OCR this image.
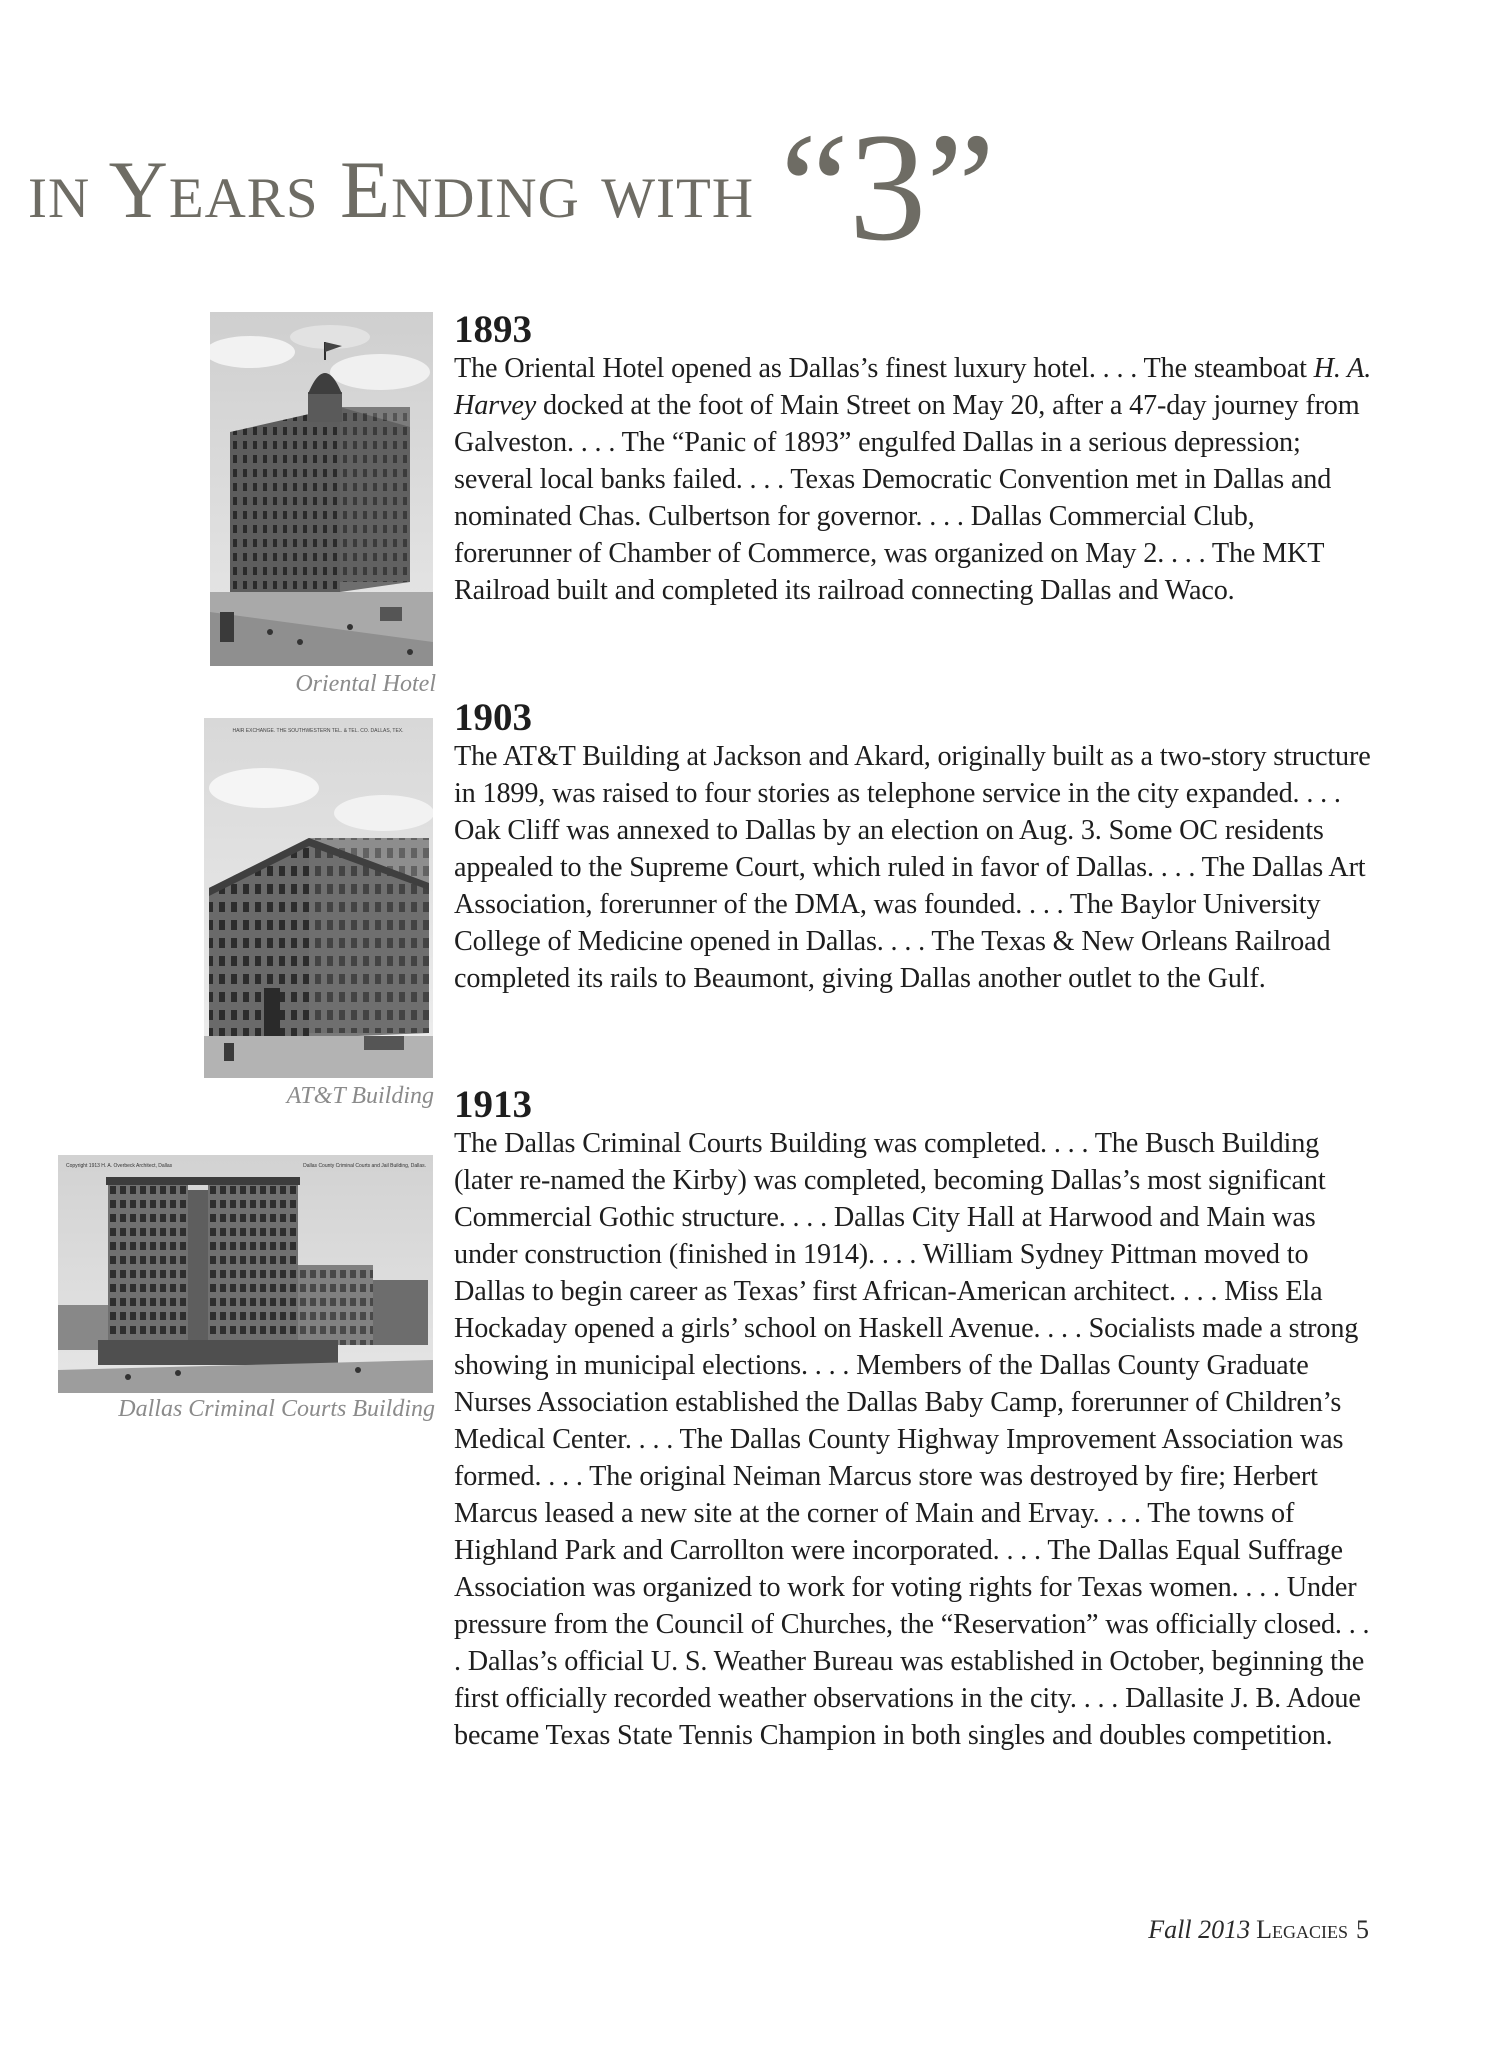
in Years Ending with “3”
Oriental Hotel
HAIR EXCHANGE. THE SOUTHWESTERN TEL. & TEL. CO. DALLAS, TEX.
AT&T Building
Copyright 1913 H. A. Overbeck Architect, Dallas	Dallas County Criminal Courts and Jail Building, Dallas.
Dallas Criminal Courts Building
1893

The Oriental Hotel opened as Dallas’s finest luxury hotel. . . . The steamboat H. A. Harvey docked at the foot of Main Street on May 20, after a 47-day journey from Galveston. . . . The “Panic of 1893” engulfed Dallas in a serious depression; several local banks failed. . . . Texas Democratic Convention met in Dallas and nominated Chas. Culbertson for governor. . . . Dallas Commercial Club, forerunner of Chamber of Commerce, was organized on May 2. . . . The MKT Railroad built and completed its railroad connecting Dallas and Waco.

1903

The AT&T Building at Jackson and Akard, originally built as a two-story structure in 1899, was raised to four stories as telephone service in the city expanded. . . . Oak Cliff was annexed to Dallas by an election on Aug. 3. Some OC residents appealed to the Supreme Court, which ruled in favor of Dallas. . . . The Dallas Art Association, forerunner of the DMA, was founded. . . . The Baylor University College of Medicine opened in Dallas. . . . The Texas & New Orleans Railroad completed its rails to Beaumont, giving Dallas another outlet to the Gulf.

1913

The Dallas Criminal Courts Building was completed. . . . The Busch Building (later re-named the Kirby) was completed, becoming Dallas’s most significant Commercial Gothic structure. . . . Dallas City Hall at Harwood and Main was under construction (finished in 1914). . . . William Sydney Pittman moved to Dallas to begin career as Texas’ first African-American architect. . . . Miss Ela Hockaday opened a girls’ school on Haskell Avenue. . . . Socialists made a strong showing in municipal elections. . . . Members of the Dallas County Graduate Nurses Association established the Dallas Baby Camp, forerunner of Children’s Medical Center. . . . The Dallas County Highway Improvement Association was formed. . . . The original Neiman Marcus store was destroyed by fire; Herbert Marcus leased a new site at the corner of Main and Ervay. . . . The towns of Highland Park and Carrollton were incorporated. . . . The Dallas Equal Suffrage Association was organized to work for voting rights for Texas women. . . . Under pressure from the Council of Churches, the “Reservation” was officially closed. . . . Dallas’s official U. S. Weather Bureau was established in October, beginning the first officially recorded weather observations in the city. . . . Dallasite J. B. Adoue became Texas State Tennis Champion in both singles and doubles competition.

Fall 2013 Legacies 5
